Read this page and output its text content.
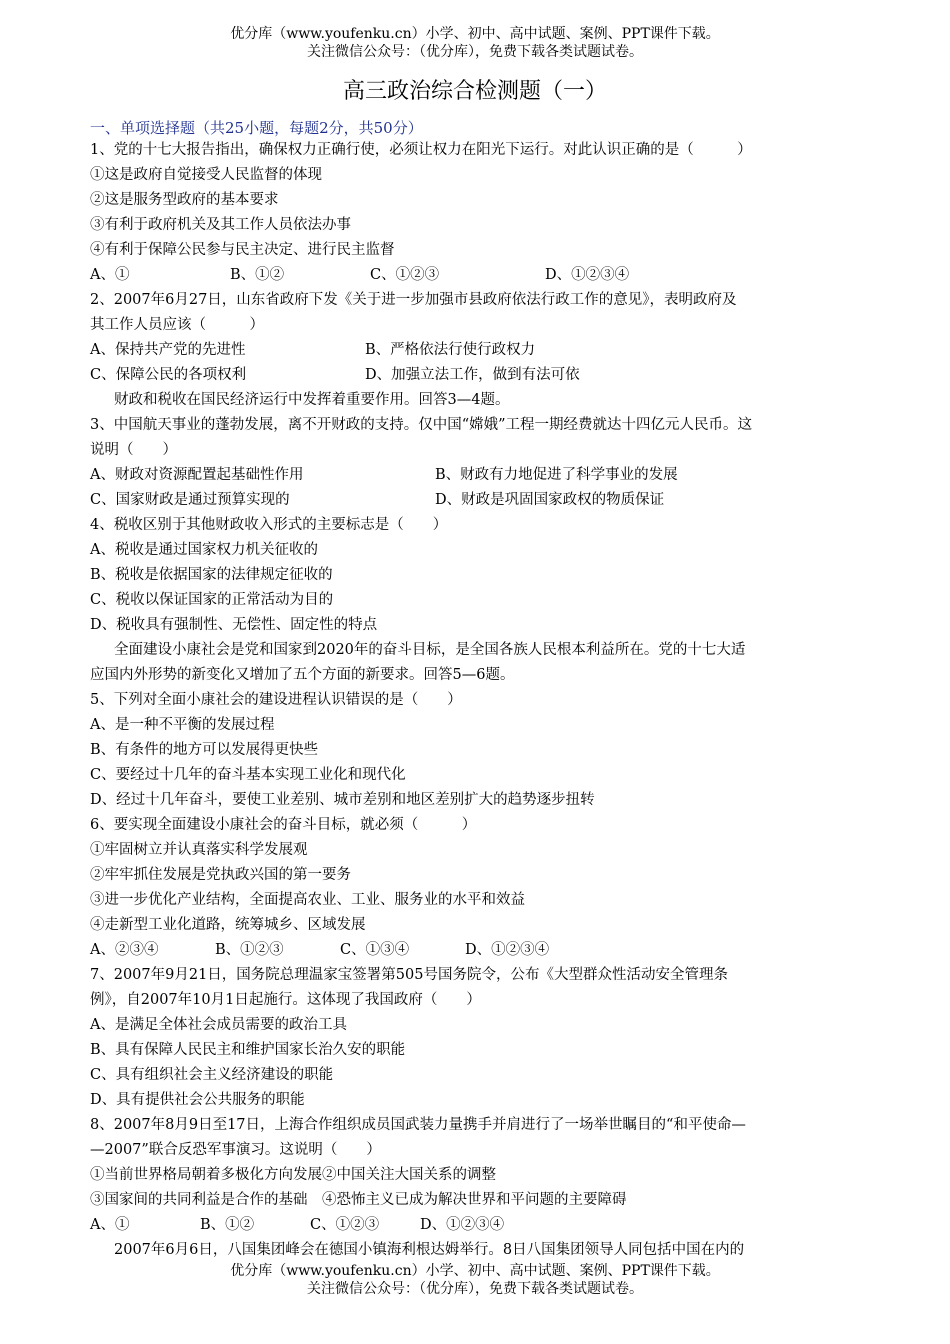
优分库（www.youfenku.cn）小学、初中、高中试题、案例、PPT课件下载。
关注微信公众号：（优分库），免费下载各类试题试卷。
高三政治综合检测题（一）
一、单项选择题（共25小题，每题2分，共50分）
1、党的十七大报告指出，确保权力正确行使，必须让权力在阳光下运行。对此认识正确的是（　　　）
①这是政府自觉接受人民监督的体现
②这是服务型政府的基本要求
③有利于政府机关及其工作人员依法办事
④有利于保障公民参与民主决定、进行民主监督
A、①	B、①②	C、①②③	D、①②③④
2、2007年6月27日，山东省政府下发《关于进一步加强市县政府依法行政工作的意见》，表明政府及
其工作人员应该（　　　）
A、保持共产党的先进性	B、严格依法行使行政权力
C、保障公民的各项权利	D、加强立法工作，做到有法可依
财政和税收在国民经济运行中发挥着重要作用。回答3—4题。
3、中国航天事业的蓬勃发展，离不开财政的支持。仅中国“嫦娥”工程一期经费就达十四亿元人民币。这
说明（　　）
A、财政对资源配置起基础性作用	B、财政有力地促进了科学事业的发展
C、国家财政是通过预算实现的	D、财政是巩固国家政权的物质保证
4、税收区别于其他财政收入形式的主要标志是（　　）
A、税收是通过国家权力机关征收的
B、税收是依据国家的法律规定征收的
C、税收以保证国家的正常活动为目的
D、税收具有强制性、无偿性、固定性的特点
全面建设小康社会是党和国家到2020年的奋斗目标，是全国各族人民根本利益所在。党的十七大适
应国内外形势的新变化又增加了五个方面的新要求。回答5—6题。
5、下列对全面小康社会的建设进程认识错误的是（　　）
A、是一种不平衡的发展过程
B、有条件的地方可以发展得更快些
C、要经过十几年的奋斗基本实现工业化和现代化
D、经过十几年奋斗，要使工业差别、城市差别和地区差别扩大的趋势逐步扭转
6、要实现全面建设小康社会的奋斗目标，就必须（　　　）
①牢固树立并认真落实科学发展观
②牢牢抓住发展是党执政兴国的第一要务
③进一步优化产业结构，全面提高农业、工业、服务业的水平和效益
④走新型工业化道路，统筹城乡、区域发展
A、②③④	B、①②③	C、①③④	D、①②③④
7、2007年9月21日，国务院总理温家宝签署第505号国务院令，公布《大型群众性活动安全管理条
例》，自2007年10月1日起施行。这体现了我国政府（　　）
A、是满足全体社会成员需要的政治工具
B、具有保障人民民主和维护国家长治久安的职能
C、具有组织社会主义经济建设的职能
D、具有提供社会公共服务的职能
8、2007年8月9日至17日，上海合作组织成员国武装力量携手并肩进行了一场举世瞩目的“和平使命—
—2007”联合反恐军事演习。这说明（　　）
①当前世界格局朝着多极化方向发展②中国关注大国关系的调整
③国家间的共同利益是合作的基础　④恐怖主义已成为解决世界和平问题的主要障碍
A、①	B、①②	C、①②③	D、①②③④
2007年6月6日，八国集团峰会在德国小镇海利根达姆举行。8日八国集团领导人同包括中国在内的
优分库（www.youfenku.cn）小学、初中、高中试题、案例、PPT课件下载。
关注微信公众号：（优分库），免费下载各类试题试卷。
